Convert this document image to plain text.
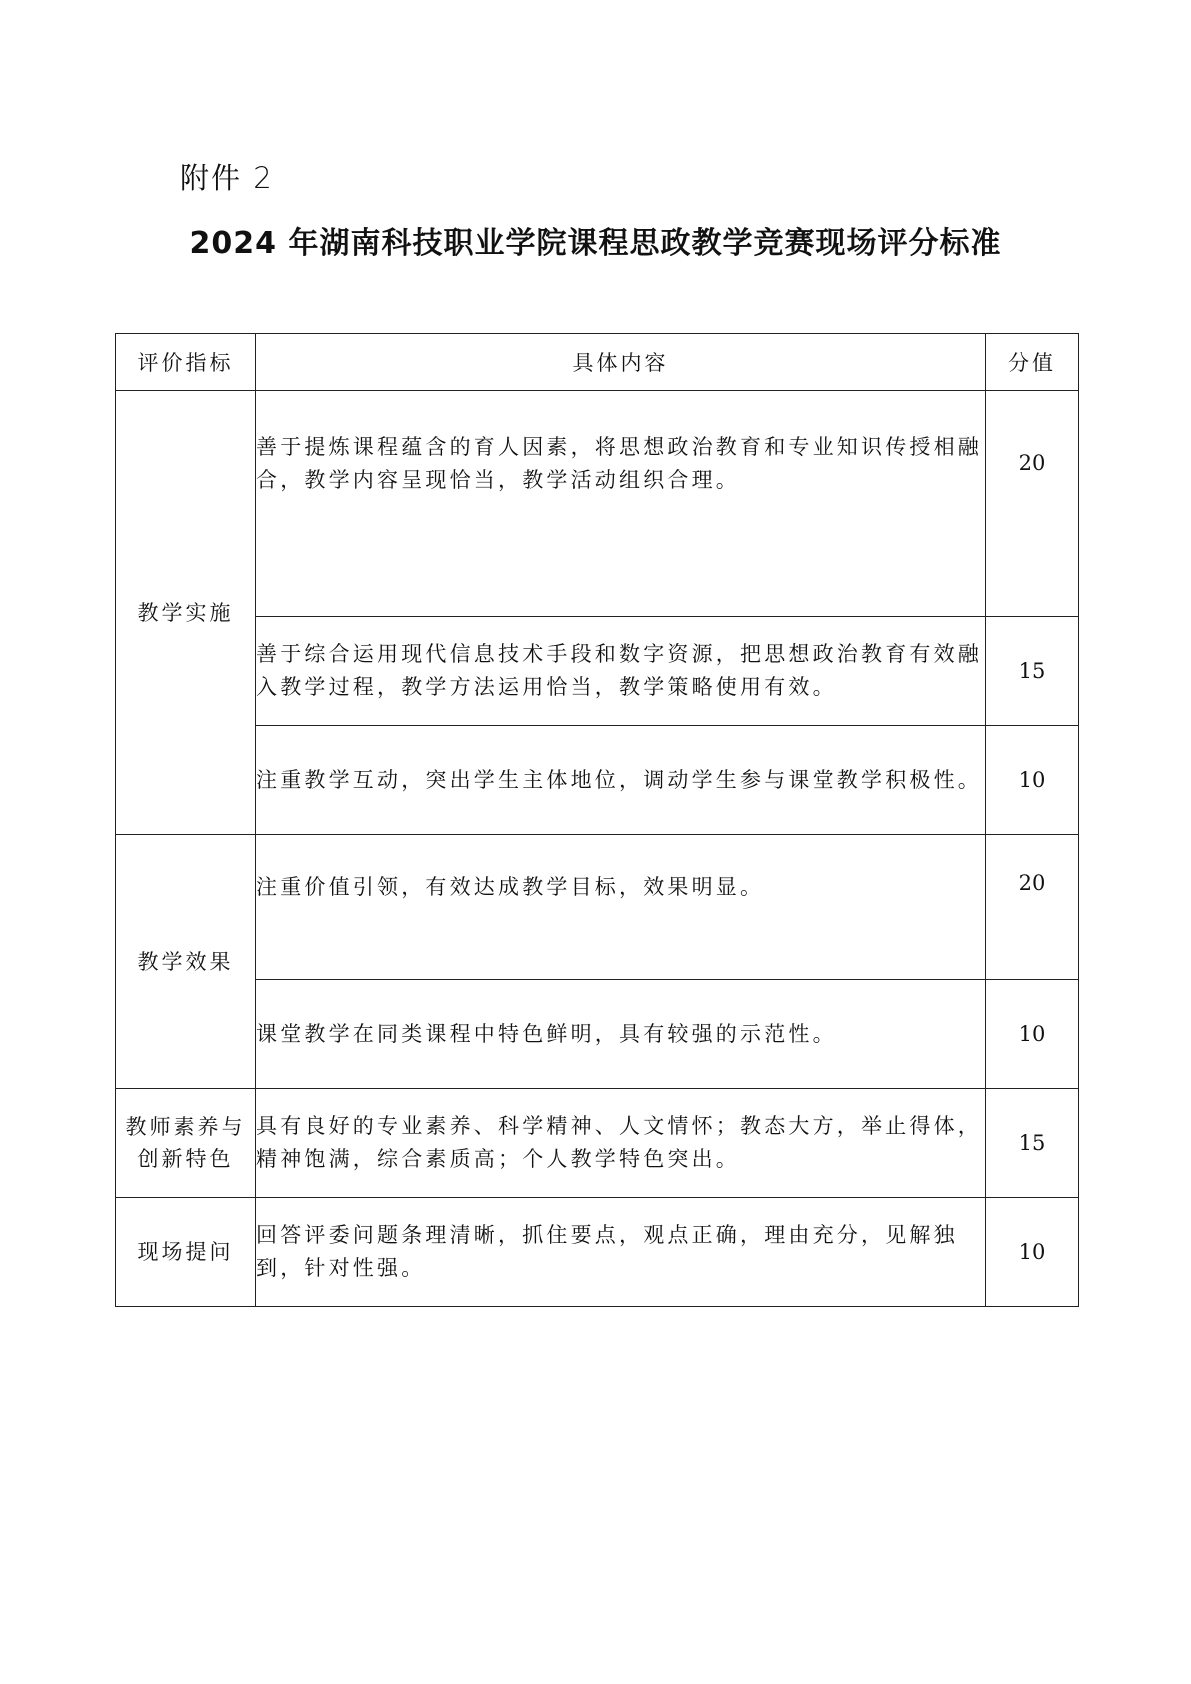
附件 2
2024 年湖南科技职业学院课程思政教学竞赛现场评分标准
评价指标	具体内容	分值
教学实施	善于提炼课程蕴含的育人因素，将思想政治教育和专业知识传授相融合，教学内容呈现恰当，教学活动组织合理。	20
	善于综合运用现代信息技术手段和数字资源，把思想政治教育有效融入教学过程，教学方法运用恰当，教学策略使用有效。	15
	注重教学互动，突出学生主体地位，调动学生参与课堂教学积极性。	10
教学效果	注重价值引领，有效达成教学目标，效果明显。	20
	课堂教学在同类课程中特色鲜明，具有较强的示范性。	10
教师素养与创新特色	具有良好的专业素养、科学精神、人文情怀；教态大方，举止得体，精神饱满，综合素质高；个人教学特色突出。	15
现场提问	回答评委问题条理清晰，抓住要点，观点正确，理由充分，见解独到，针对性强。	10
